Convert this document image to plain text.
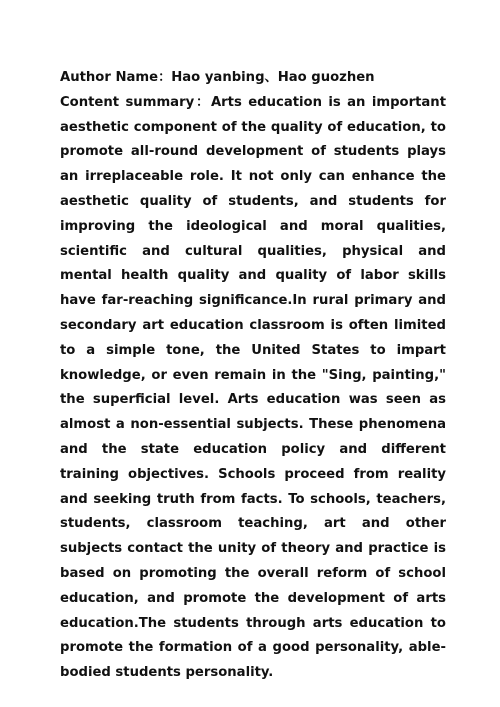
Author Name：Hao yanbing、Hao guozhen

Content summary：Arts education is an important aesthetic component of the quality of education, to promote all-round development of students plays an irreplaceable role. It not only can enhance the aesthetic quality of students, and students for improving the ideological and moral qualities, scientific and cultural qualities, physical and mental health quality and quality of labor skills have far-reaching significance.In rural primary and secondary art education classroom is often limited to a simple tone, the United States to impart knowledge, or even remain in the "Sing, painting," the superficial level. Arts education was seen as almost a non-essential subjects. These phenomena and the state education policy and different training objectives. Schools proceed from reality and seeking truth from facts. To schools, teachers, students, classroom teaching, art and other subjects contact the unity of theory and practice is based on promoting the overall reform of school education, and promote the development of arts education.The students through arts education to promote the formation of a good personality, able-bodied students personality.
